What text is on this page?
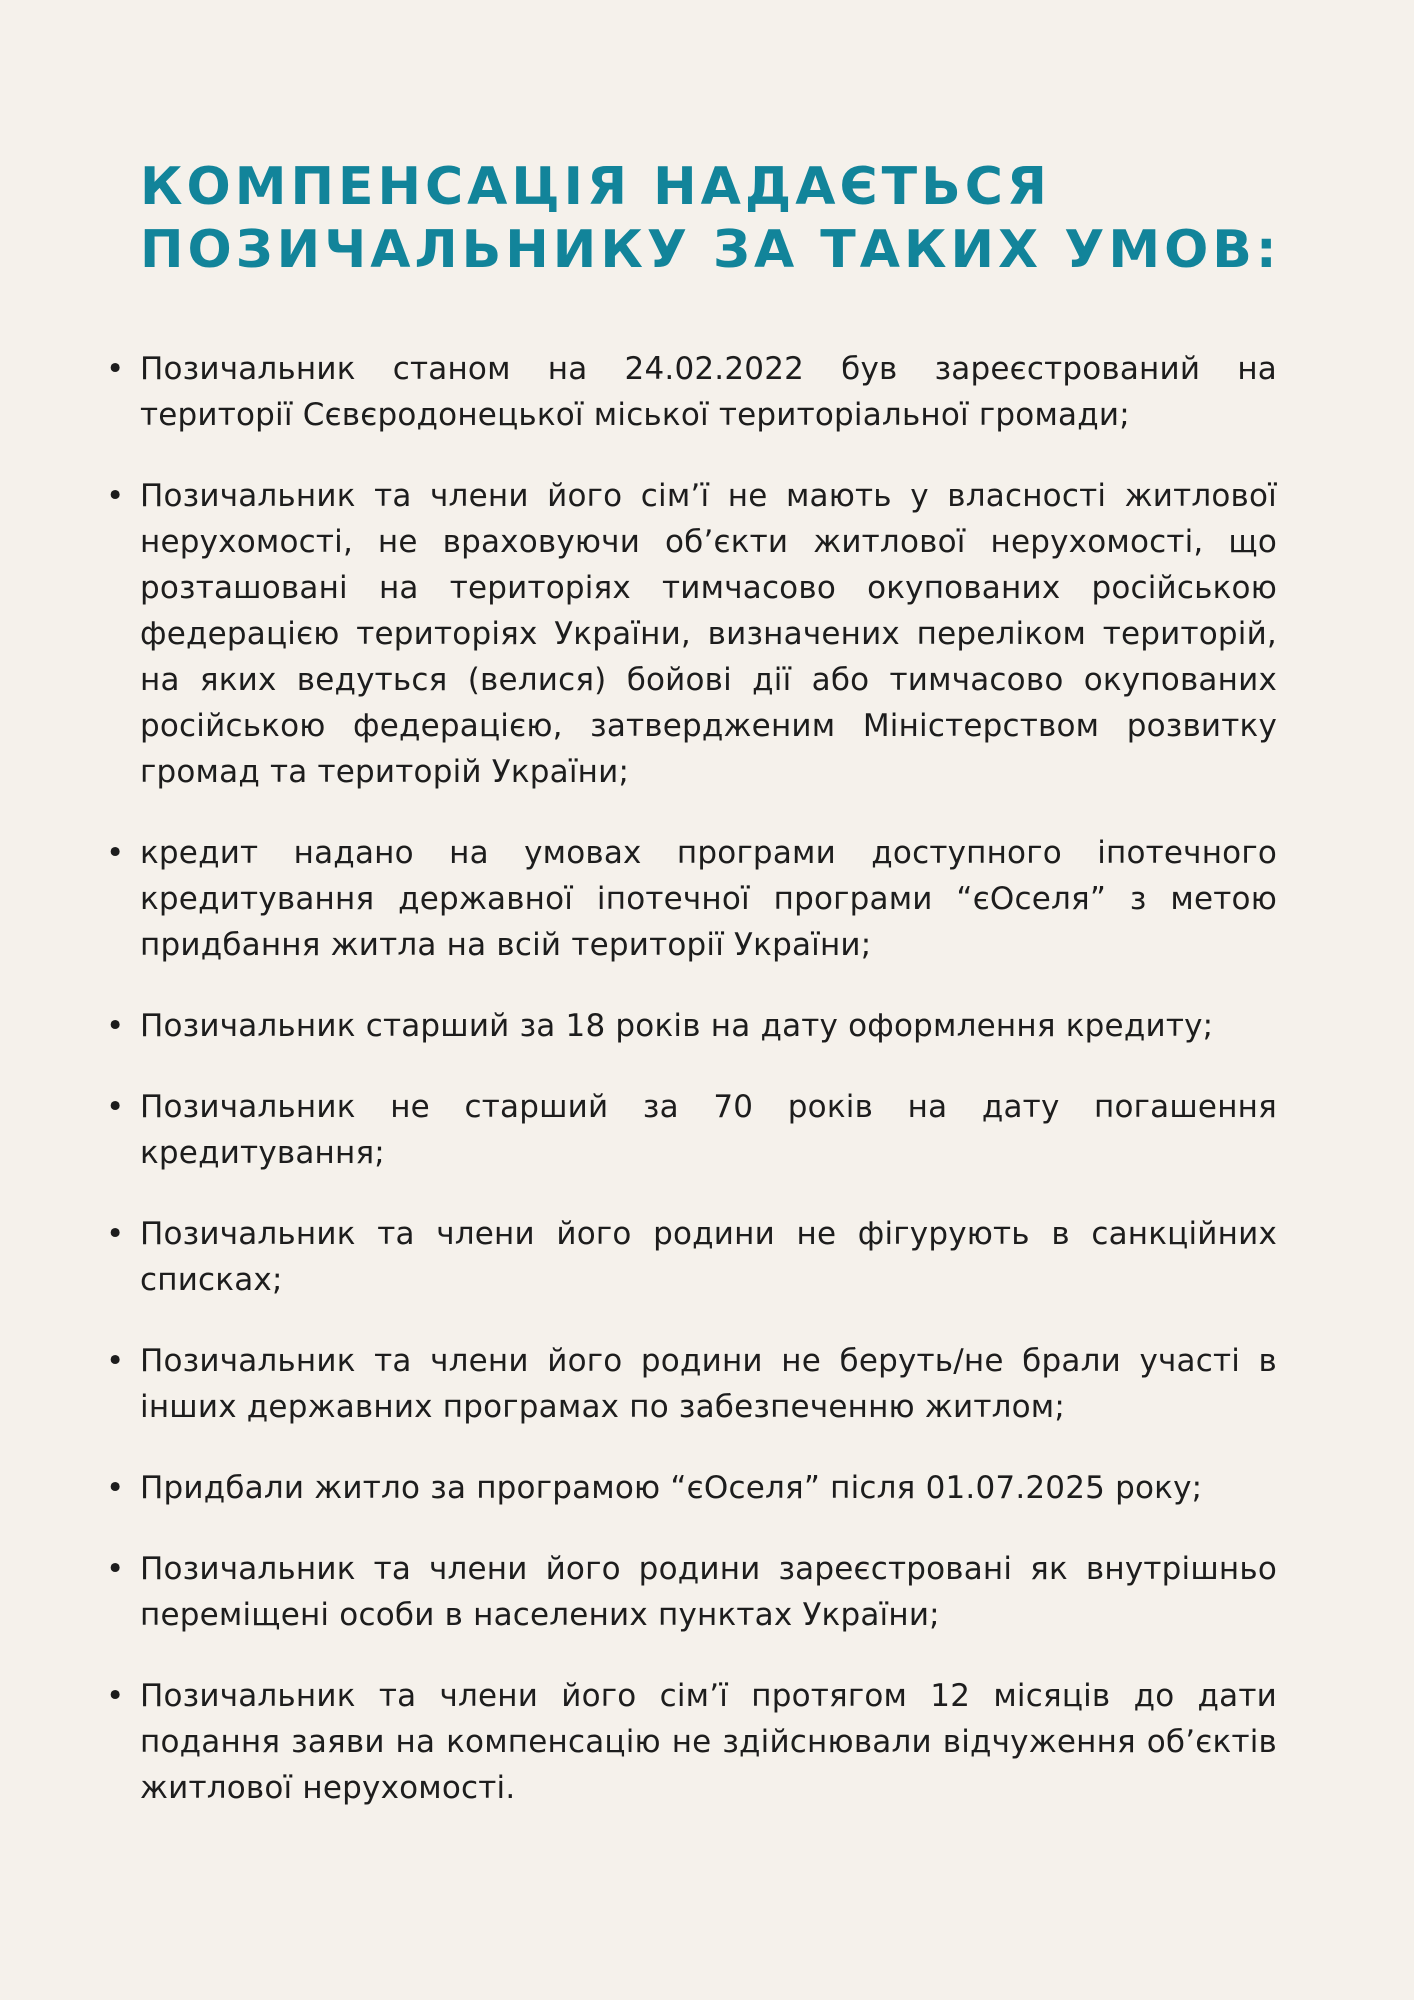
КОМПЕНСАЦІЯ НАДАЄТЬСЯ
ПОЗИЧАЛЬНИКУ ЗА ТАКИХ УМОВ:
• Позичальник станом на 24.02.2022 був зареєстрований на території Сєвєродонецької міської територіальної громади;
• Позичальник та члени його сім’ї не мають у власності житлової нерухомості, не враховуючи об’єкти житлової нерухомості, що розташовані на територіях тимчасово окупованих російською федерацією територіях України, визначених переліком територій, на яких ведуться (велися) бойові дії або тимчасово окупованих російською федерацією, затвердженим Міністерством розвитку громад та територій України;
• кредит надано на умовах програми доступного іпотечного кредитування державної іпотечної програми “єОселя” з метою придбання житла на всій території України;
• Позичальник старший за 18 років на дату оформлення кредиту;
• Позичальник не старший за 70 років на дату погашення кредитування;
• Позичальник та члени його родини не фігурують в санкційних списках;
• Позичальник та члени його родини не беруть/не брали участі в інших державних програмах по забезпеченню житлом;
• Придбали житло за програмою “єОселя” після 01.07.2025 року;
• Позичальник та члени його родини зареєстровані як внутрішньо переміщені особи в населених пунктах України;
• Позичальник та члени його сім’ї протягом 12 місяців до дати подання заяви на компенсацію не здійснювали відчуження об’єктів житлової нерухомості.
